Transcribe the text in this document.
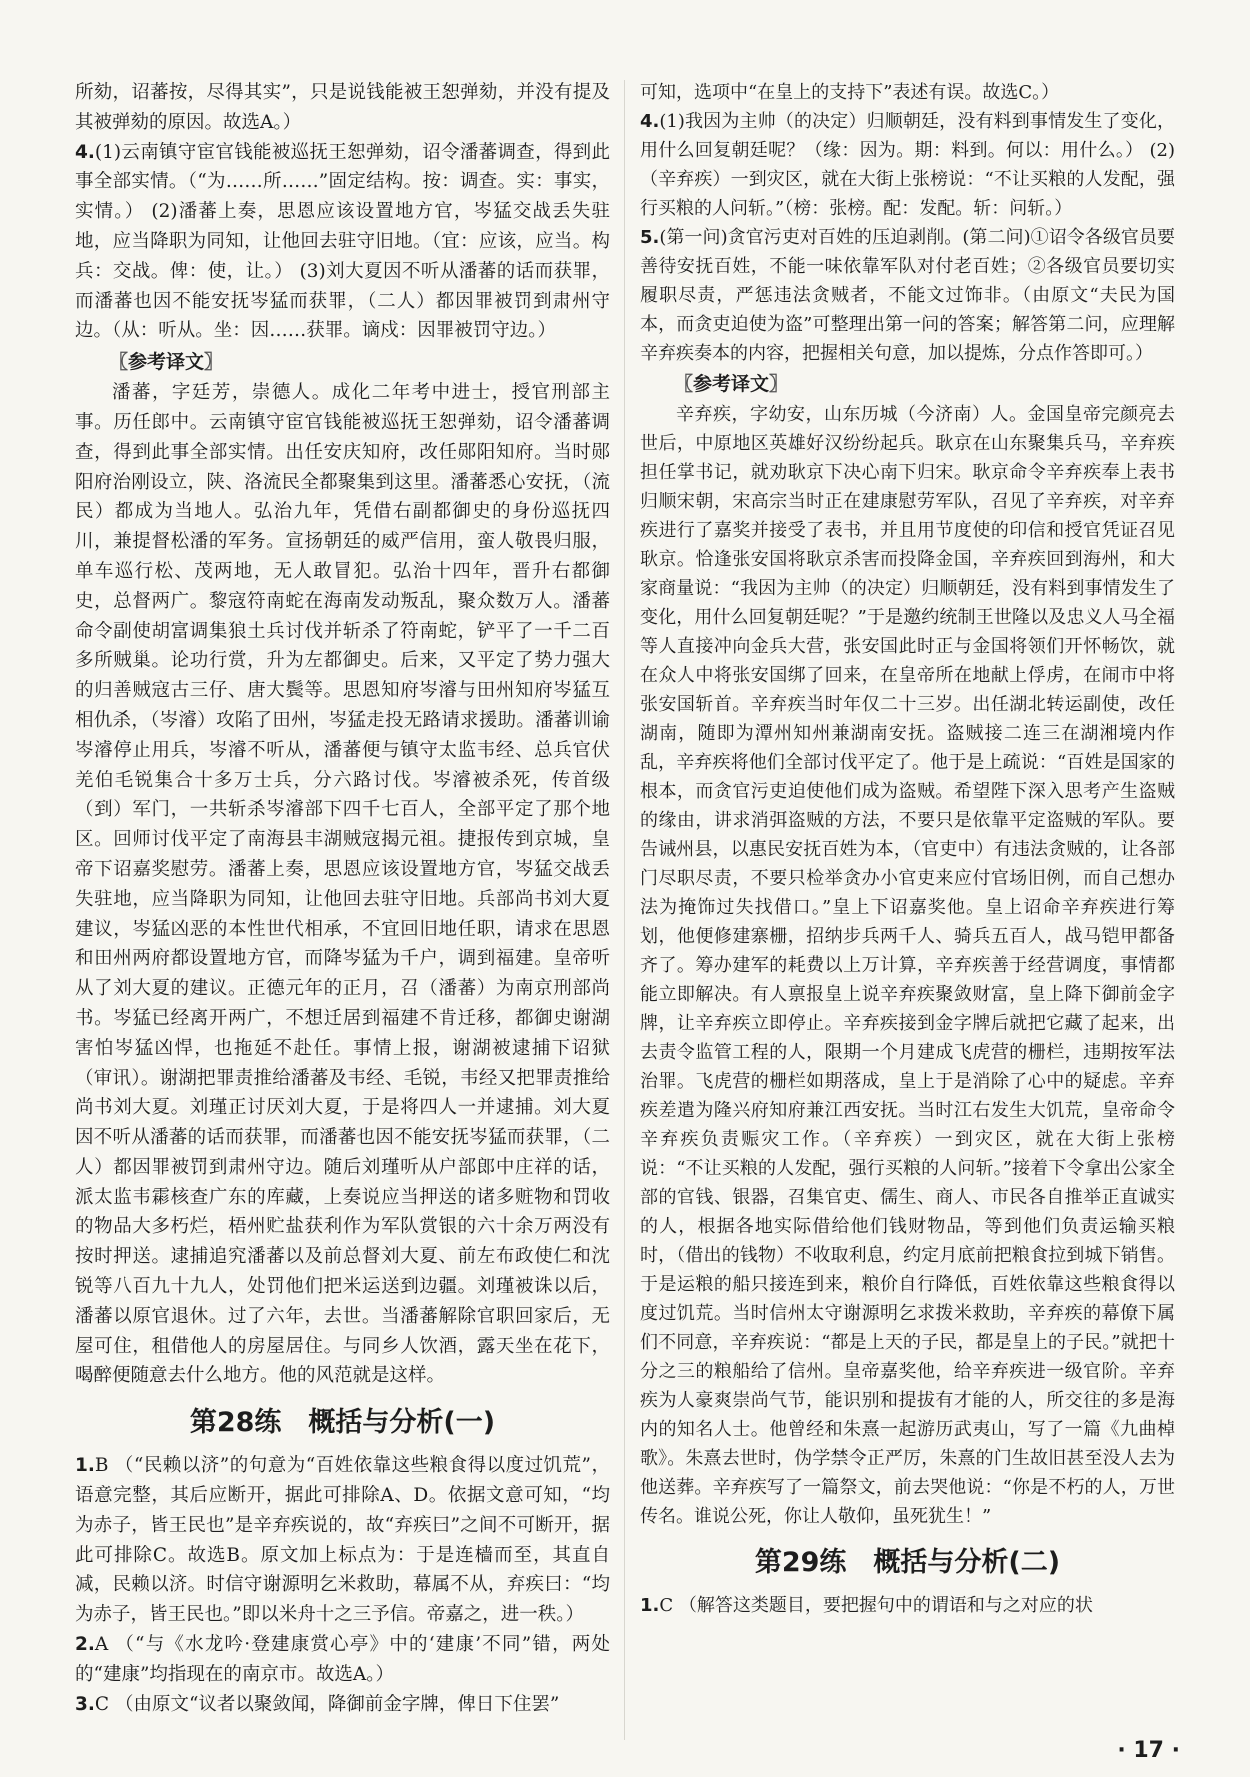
所劾，诏蕃按，尽得其实”，只是说钱能被王恕弹劾，并没有提及其被弹劾的原因。故选A。）

4.(1)云南镇守宦官钱能被巡抚王恕弹劾，诏令潘蕃调查，得到此事全部实情。（“为……所……”固定结构。按：调查。实：事实，实情。） (2)潘蕃上奏，思恩应该设置地方官，岑猛交战丢失驻地，应当降职为同知，让他回去驻守旧地。（宜：应该，应当。构兵：交战。俾：使，让。） (3)刘大夏因不听从潘蕃的话而获罪，而潘蕃也因不能安抚岑猛而获罪，（二人）都因罪被罚到肃州守边。（从：听从。坐：因……获罪。谪戍：因罪被罚守边。）

〖 参考译文 〗

潘蕃，字廷芳，崇德人。成化二年考中进士，授官刑部主事。历任郎中。云南镇守宦官钱能被巡抚王恕弹劾，诏令潘蕃调查，得到此事全部实情。出任安庆知府，改任郧阳知府。当时郧阳府治刚设立，陕、洛流民全都聚集到这里。潘蕃悉心安抚，（流民）都成为当地人。弘治九年，凭借右副都御史的身份巡抚四川，兼提督松潘的军务。宣扬朝廷的威严信用，蛮人敬畏归服，单车巡行松、茂两地，无人敢冒犯。弘治十四年，晋升右都御史，总督两广。黎寇符南蛇在海南发动叛乱，聚众数万人。潘蕃命令副使胡富调集狼土兵讨伐并斩杀了符南蛇，铲平了一千二百多所贼巢。论功行赏，升为左都御史。后来，又平定了势力强大的归善贼寇古三仔、唐大鬓等。思恩知府岑濬与田州知府岑猛互相仇杀，（岑濬）攻陷了田州，岑猛走投无路请求援助。潘蕃训谕岑濬停止用兵，岑濬不听从，潘蕃便与镇守太监韦经、总兵官伏羌伯毛锐集合十多万士兵，分六路讨伐。岑濬被杀死，传首级（到）军门，一共斩杀岑濬部下四千七百人，全部平定了那个地区。回师讨伐平定了南海县丰湖贼寇揭元祖。捷报传到京城，皇帝下诏嘉奖慰劳。潘蕃上奏，思恩应该设置地方官，岑猛交战丢失驻地，应当降职为同知，让他回去驻守旧地。兵部尚书刘大夏建议，岑猛凶恶的本性世代相承，不宜回旧地任职，请求在思恩和田州两府都设置地方官，而降岑猛为千户，调到福建。皇帝听从了刘大夏的建议。正德元年的正月，召（潘蕃）为南京刑部尚书。岑猛已经离开两广，不想迁居到福建不肯迁移，都御史谢湖害怕岑猛凶悍，也拖延不赴任。事情上报，谢湖被逮捕下诏狱（审讯）。谢湖把罪责推给潘蕃及韦经、毛锐，韦经又把罪责推给尚书刘大夏。刘瑾正讨厌刘大夏，于是将四人一并逮捕。刘大夏因不听从潘蕃的话而获罪，而潘蕃也因不能安抚岑猛而获罪，（二人）都因罪被罚到肃州守边。随后刘瑾听从户部郎中庄祥的话，派太监韦霦核查广东的库藏，上奏说应当押送的诸多赃物和罚收的物品大多朽烂，梧州贮盐获利作为军队赏银的六十余万两没有按时押送。逮捕追究潘蕃以及前总督刘大夏、前左布政使仁和沈锐等八百九十九人，处罚他们把米运送到边疆。刘瑾被诛以后，潘蕃以原官退休。过了六年，去世。当潘蕃解除官职回家后，无屋可住，租借他人的房屋居住。与同乡人饮酒，露天坐在花下，喝醉便随意去什么地方。他的风范就是这样。

第28练　概括与分析(一)

1.B （“民赖以济”的句意为“百姓依靠这些粮食得以度过饥荒”，语意完整，其后应断开，据此可排除A、D。依据文意可知，“均为赤子，皆王民也”是辛弃疾说的，故“弃疾曰”之间不可断开，据此可排除C。故选B。原文加上标点为：于是连樯而至，其直自减，民赖以济。时信守谢源明乞米救助，幕属不从，弃疾曰：“均为赤子，皆王民也。”即以米舟十之三予信。帝嘉之，进一秩。）

2.A （“与《水龙吟·登建康赏心亭》中的‘建康’不同”错，两处的“建康”均指现在的南京市。故选A。）

3.C （由原文“议者以聚敛闻，降御前金字牌，俾日下住罢”

可知，选项中“在皇上的支持下”表述有误。故选C。）

4.(1)我因为主帅（的决定）归顺朝廷，没有料到事情发生了变化，用什么回复朝廷呢？（缘：因为。期：料到。何以：用什么。） (2)（辛弃疾）一到灾区，就在大街上张榜说：“不让买粮的人发配，强行买粮的人问斩。”（榜：张榜。配：发配。斩：问斩。）

5.(第一问)贪官污吏对百姓的压迫剥削。(第二问)①诏令各级官员要善待安抚百姓，不能一味依靠军队对付老百姓；②各级官员要切实履职尽责，严惩违法贪贼者，不能文过饰非。（由原文“夫民为国本，而贪吏迫使为盗”可整理出第一问的答案；解答第二问，应理解辛弃疾奏本的内容，把握相关句意，加以提炼，分点作答即可。）

〖 参考译文 〗

辛弃疾，字幼安，山东历城（今济南）人。金国皇帝完颜亮去世后，中原地区英雄好汉纷纷起兵。耿京在山东聚集兵马，辛弃疾担任掌书记，就劝耿京下决心南下归宋。耿京命令辛弃疾奉上表书归顺宋朝，宋高宗当时正在建康慰劳军队，召见了辛弃疾，对辛弃疾进行了嘉奖并接受了表书，并且用节度使的印信和授官凭证召见耿京。恰逢张安国将耿京杀害而投降金国，辛弃疾回到海州，和大家商量说：“我因为主帅（的决定）归顺朝廷，没有料到事情发生了变化，用什么回复朝廷呢？”于是邀约统制王世隆以及忠义人马全福等人直接冲向金兵大营，张安国此时正与金国将领们开怀畅饮，就在众人中将张安国绑了回来，在皇帝所在地献上俘虏，在闹市中将张安国斩首。辛弃疾当时年仅二十三岁。出任湖北转运副使，改任湖南，随即为潭州知州兼湖南安抚。盗贼接二连三在湖湘境内作乱，辛弃疾将他们全部讨伐平定了。他于是上疏说：“百姓是国家的根本，而贪官污吏迫使他们成为盗贼。希望陛下深入思考产生盗贼的缘由，讲求消弭盗贼的方法，不要只是依靠平定盗贼的军队。要告诫州县，以惠民安抚百姓为本，（官吏中）有违法贪贼的，让各部门尽职尽责，不要只检举贪办小官吏来应付官场旧例，而自己想办法为掩饰过失找借口。”皇上下诏嘉奖他。皇上诏命辛弃疾进行筹划，他便修建寨栅，招纳步兵两千人、骑兵五百人，战马铠甲都备齐了。筹办建军的耗费以上万计算，辛弃疾善于经营调度，事情都能立即解决。有人禀报皇上说辛弃疾聚敛财富，皇上降下御前金字牌，让辛弃疾立即停止。辛弃疾接到金字牌后就把它藏了起来，出去责令监管工程的人，限期一个月建成飞虎营的栅栏，违期按军法治罪。飞虎营的栅栏如期落成，皇上于是消除了心中的疑虑。辛弃疾差遣为隆兴府知府兼江西安抚。当时江右发生大饥荒，皇帝命令辛弃疾负责赈灾工作。（辛弃疾）一到灾区，就在大街上张榜说：“不让买粮的人发配，强行买粮的人问斩。”接着下令拿出公家全部的官钱、银器，召集官吏、儒生、商人、市民各自推举正直诚实的人，根据各地实际借给他们钱财物品，等到他们负责运输买粮时，（借出的钱物）不收取利息，约定月底前把粮食拉到城下销售。于是运粮的船只接连到来，粮价自行降低，百姓依靠这些粮食得以度过饥荒。当时信州太守谢源明乞求拨米救助，辛弃疾的幕僚下属们不同意，辛弃疾说：“都是上天的子民，都是皇上的子民。”就把十分之三的粮船给了信州。皇帝嘉奖他，给辛弃疾进一级官阶。辛弃疾为人豪爽崇尚气节，能识别和提拔有才能的人，所交往的多是海内的知名人士。他曾经和朱熹一起游历武夷山，写了一篇《九曲棹歌》。朱熹去世时，伪学禁令正严厉，朱熹的门生故旧甚至没人去为他送葬。辛弃疾写了一篇祭文，前去哭他说：“你是不朽的人，万世传名。谁说公死，你让人敬仰，虽死犹生！”

第29练　概括与分析(二)

1.C （解答这类题目，要把握句中的谓语和与之对应的状

· 17 ·
